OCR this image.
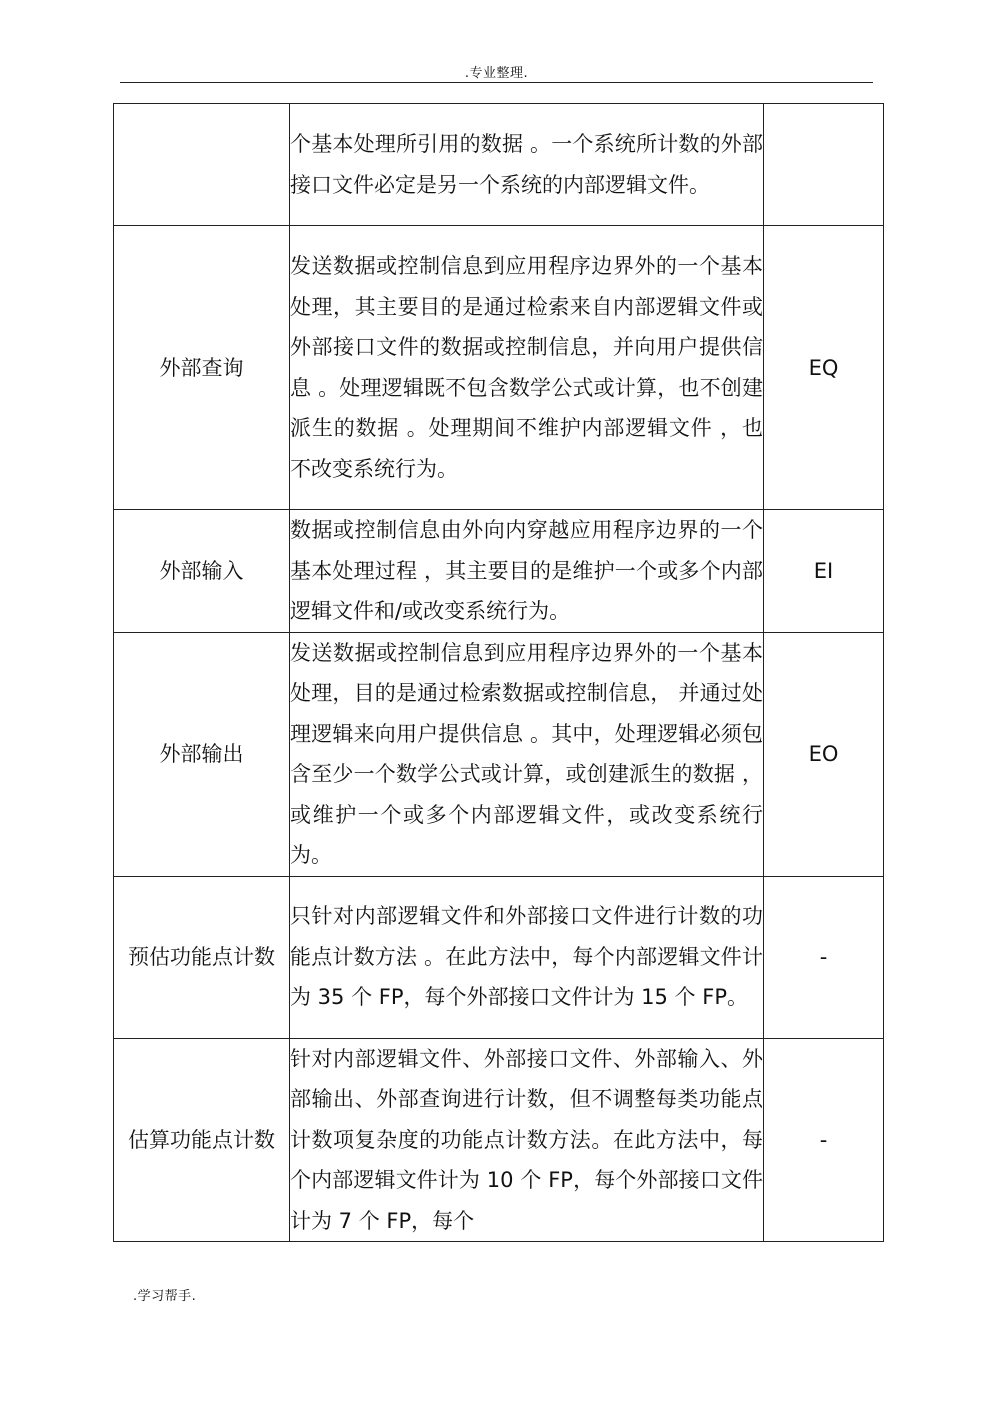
.专业整理.
	个基本处理所引用的数据 。一个系统所计数的外部接口文件必定是另一个系统的内部逻辑文件。	
外部查询	发送数据或控制信息到应用程序边界外的一个基本处理，其主要目的是通过检索来自内部逻辑文件或外部接口文件的数据或控制信息，并向用户提供信息 。处理逻辑既不包含数学公式或计算，也不创建派生的数据 。处理期间不维护内部逻辑文件 ，也不改变系统行为。	EQ
外部输入	数据或控制信息由外向内穿越应用程序边界的一个基本处理过程 ，其主要目的是维护一个或多个内部逻辑文件和/或改变系统行为。	EI
外部输出	发送数据或控制信息到应用程序边界外的一个基本处理，目的是通过检索数据或控制信息， 并通过处理逻辑来向用户提供信息 。其中，处理逻辑必须包含至少一个数学公式或计算，或创建派生的数据 ，或维护一个或多个内部逻辑文件，或改变系统行为。	EO
预估功能点计数	只针对内部逻辑文件和外部接口文件进行计数的功能点计数方法 。在此方法中，每个内部逻辑文件计为 35 个 FP，每个外部接口文件计为 15 个 FP。	-
估算功能点计数	针对内部逻辑文件、外部接口文件、外部输入、外部输出、外部查询进行计数，但不调整每类功能点计数项复杂度的功能点计数方法。在此方法中，每个内部逻辑文件计为 10 个 FP，每个外部接口文件计为 7 个 FP，每个	-
.学习帮手.
